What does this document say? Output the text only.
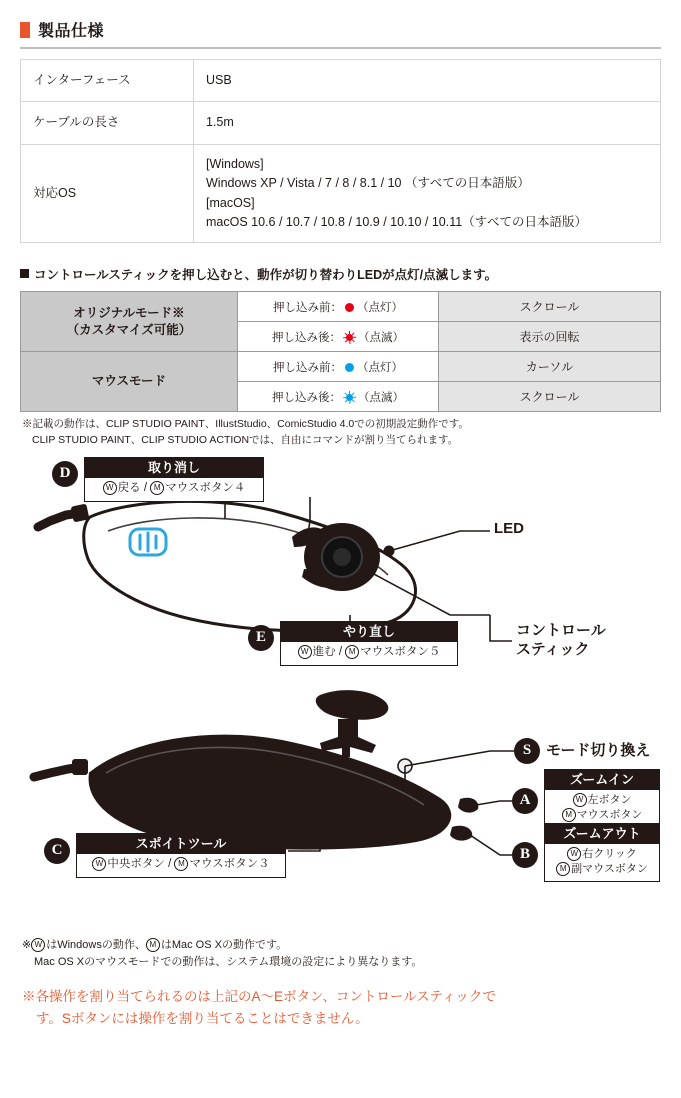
製品仕様
インターフェース	USB
ケーブルの長さ	1.5m
対応OS	[Windows]
Windows XP / Vista / 7 / 8 / 8.1 / 10 （すべての日本語版）
[macOS]
macOS 10.6 / 10.7 / 10.8 / 10.9 / 10.10 / 10.11（すべての日本語版）
コントロールスティックを押し込むと、動作が切り替わりLEDが点灯/点滅します。
オリジナルモード※
（カスタマイズ可能）	押し込み前： （点灯）	スクロール
	押し込み後： （点滅）	表示の回転
マウスモード	押し込み前： （点灯）	カーソル
	押し込み後： （点滅）	スクロール
※記載の動作は、CLIP STUDIO PAINT、IllustStudio、ComicStudio 4.0での初期設定動作です。
CLIP STUDIO PAINT、CLIP STUDIO ACTIONでは、自由にコマンドが割り当てられます。
D	取り消し
W 戻る / M マウスボタン４
E	やり直し
W 進む / M マウスボタン５
LED
コントロール
スティック
S モード切り換え
A
ズームイン
W 左ボタン
M マウスボタン
B
ズームアウト
W 右クリック
M 副マウスボタン
C	スポイトツール
W 中央ボタン / M マウスボタン３
※ W はWindowsの動作、 M はMac OS Xの動作です。
Mac OS Xのマウスモードでの動作は、システム環境の設定により異なります。
※各操作を割り当てられるのは上記のA〜Eボタン、コントロールスティックで
す。Sボタンには操作を割り当てることはできません。
